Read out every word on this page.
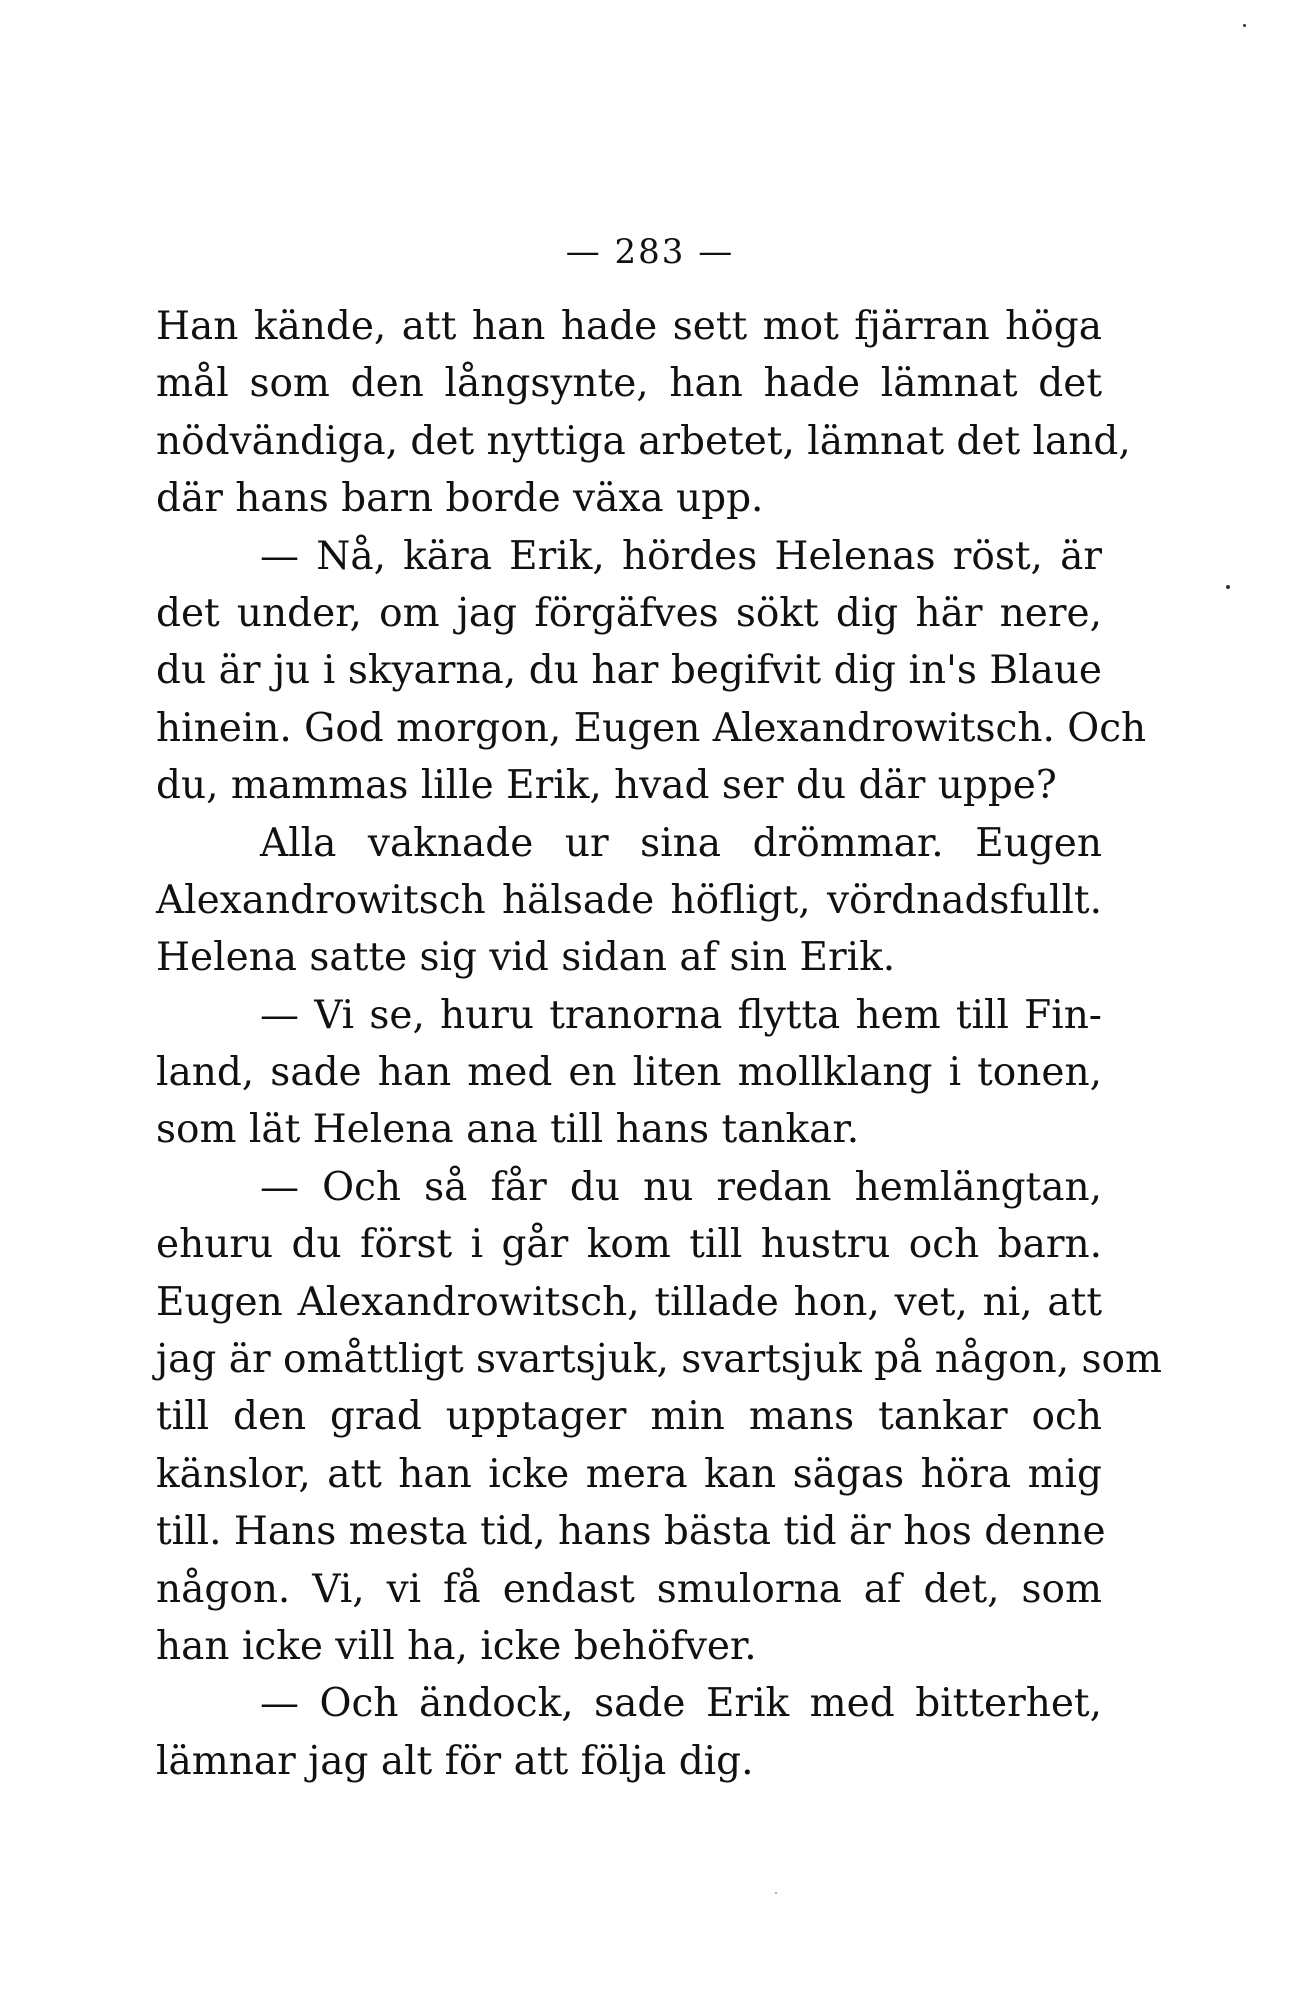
— 283 —
Han kände, att han hade sett mot fjärran höga
mål som den långsynte, han hade lämnat det
nödvändiga, det nyttiga arbetet, lämnat det land,
där hans barn borde växa upp.
— Nå, kära Erik, hördes Helenas röst, är
det under, om jag förgäfves sökt dig här nere,
du är ju i skyarna, du har begifvit dig in's Blaue
hinein. God morgon, Eugen Alexandrowitsch. Och
du, mammas lille Erik, hvad ser du där uppe?
Alla vaknade ur sina drömmar. Eugen
Alexandrowitsch hälsade höfligt, vördnadsfullt.
Helena satte sig vid sidan af sin Erik.
— Vi se, huru tranorna flytta hem till Fin-
land, sade han med en liten mollklang i tonen,
som lät Helena ana till hans tankar.
— Och så får du nu redan hemlängtan,
ehuru du först i går kom till hustru och barn.
Eugen Alexandrowitsch, tillade hon, vet, ni, att
jag är omåttligt svartsjuk, svartsjuk på någon, som
till den grad upptager min mans tankar och
känslor, att han icke mera kan sägas höra mig
till. Hans mesta tid, hans bästa tid är hos denne
någon. Vi, vi få endast smulorna af det, som
han icke vill ha, icke behöfver.
— Och ändock, sade Erik med bitterhet,
lämnar jag alt för att följa dig.
